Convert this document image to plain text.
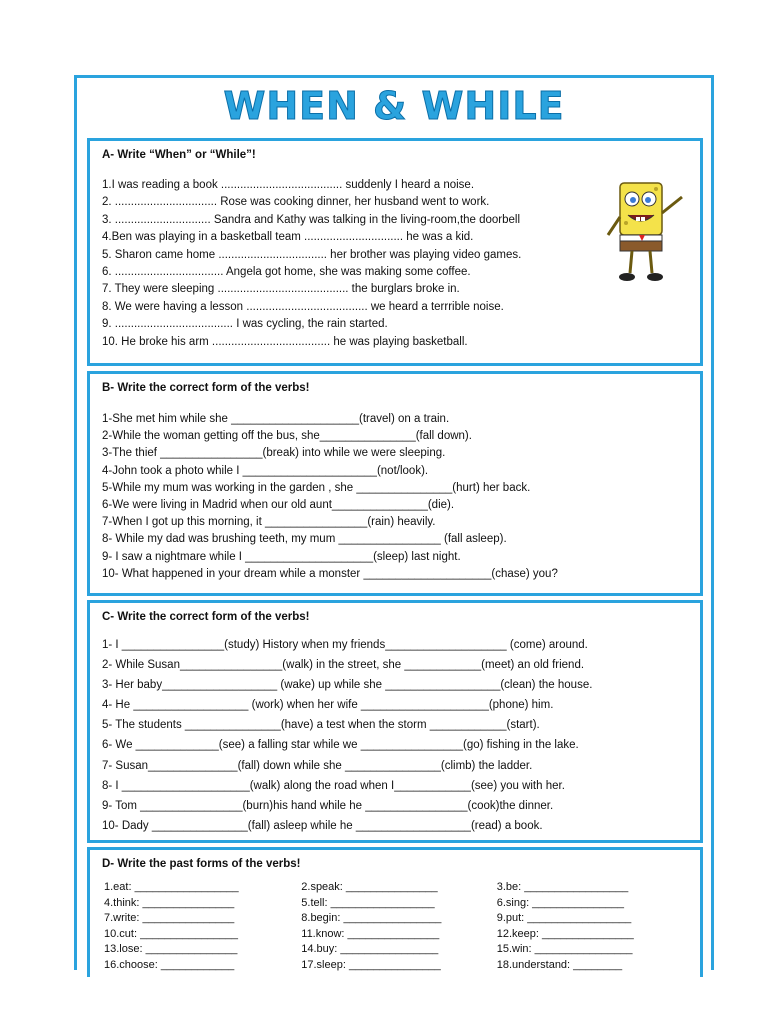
WHEN & WHILE
A- Write “When” or “While”!
1.I was reading a book ...................................... suddenly I heard a noise.
2. ................................ Rose was cooking dinner, her husband went to work.
3. .............................. Sandra and Kathy was talking in the living-room,the doorbell
4.Ben was playing in a basketball team ............................... he was a kid.
5. Sharon came home .................................. her brother was playing video games.
6. .................................. Angela got home, she was making some coffee.
7. They were sleeping ......................................... the burglars broke in.
8. We were having a lesson ...................................... we heard a terrrible noise.
9. ..................................... I was cycling, the rain started.
10. He broke his arm ..................................... he was playing basketball.
B- Write the correct form of the verbs!
1-She met him while she ____________________(travel) on a train.
2-While the woman getting off the bus, she_______________(fall down).
3-The thief ________________(break) into while we were sleeping.
4-John took a photo while I _____________________(not/look).
5-While my mum was working in the garden , she _______________(hurt) her back.
6-We were living in Madrid when our old aunt_______________(die).
7-When I got up this morning, it ________________(rain) heavily.
8- While my dad was brushing teeth, my mum ________________ (fall asleep).
9- I saw a nightmare while I ____________________(sleep) last night.
10- What happened in your dream while a monster ____________________(chase) you?
C- Write the correct form of the verbs!
1- I ________________(study) History when my friends___________________ (come) around.
2- While Susan________________(walk) in the street, she ____________(meet) an old friend.
3- Her baby__________________ (wake) up while she __________________(clean) the house.
4- He __________________ (work) when her wife ____________________(phone) him.
5- The students _______________(have) a test when the storm ____________(start).
6- We _____________(see) a falling star while we ________________(go) fishing in the lake.
7- Susan______________(fall) down while she _______________(climb) the ladder.
8- I ____________________(walk) along the road when I____________(see) you with her.
9- Tom ________________(burn)his hand while he ________________(cook)the dinner.
10- Dady _______________(fall) asleep while he __________________(read) a book.
D- Write the past forms of the verbs!
1.eat: _________________	2.speak: _______________	3.be: _________________
4.think: _______________	5.tell: _________________	6.sing: _______________
7.write: _______________	8.begin: ________________	9.put: _________________
10.cut: ________________	11.know: _______________	12.keep: _______________
13.lose: _______________	14.buy: ________________	15.win: ________________
16.choose: ____________	17.sleep: _______________	18.understand: ________
